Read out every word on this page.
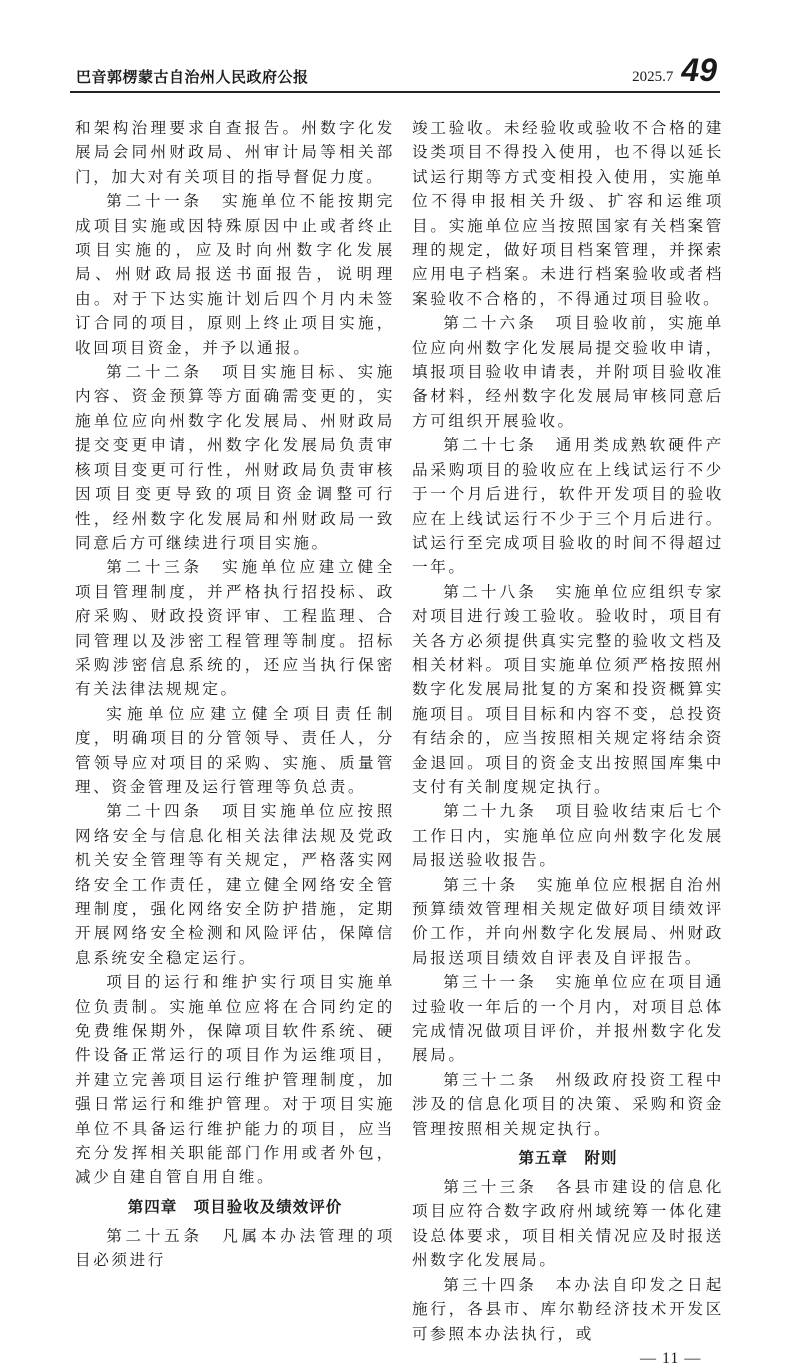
巴音郭楞蒙古自治州人民政府公报	2025.7 49

和架构治理要求自查报告。州数字化发展局会同州财政局、州审计局等相关部门，加大对有关项目的指导督促力度。

第二十一条　实施单位不能按期完成项目实施或因特殊原因中止或者终止项目实施的，应及时向州数字化发展局、州财政局报送书面报告，说明理由。对于下达实施计划后四个月内未签订合同的项目，原则上终止项目实施，收回项目资金，并予以通报。

第二十二条　项目实施目标、实施内容、资金预算等方面确需变更的，实施单位应向州数字化发展局、州财政局提交变更申请，州数字化发展局负责审核项目变更可行性，州财政局负责审核因项目变更导致的项目资金调整可行性，经州数字化发展局和州财政局一致同意后方可继续进行项目实施。

第二十三条　实施单位应建立健全项目管理制度，并严格执行招投标、政府采购、财政投资评审、工程监理、合同管理以及涉密工程管理等制度。招标采购涉密信息系统的，还应当执行保密有关法律法规规定。

实施单位应建立健全项目责任制度，明确项目的分管领导、责任人，分管领导应对项目的采购、实施、质量管理、资金管理及运行管理等负总责。

第二十四条　项目实施单位应按照网络安全与信息化相关法律法规及党政机关安全管理等有关规定，严格落实网络安全工作责任，建立健全网络安全管理制度，强化网络安全防护措施，定期开展网络安全检测和风险评估，保障信息系统安全稳定运行。

项目的运行和维护实行项目实施单位负责制。实施单位应将在合同约定的免费维保期外，保障项目软件系统、硬件设备正常运行的项目作为运维项目，并建立完善项目运行维护管理制度，加强日常运行和维护管理。对于项目实施单位不具备运行维护能力的项目，应当充分发挥相关职能部门作用或者外包，减少自建自管自用自维。

第四章　项目验收及绩效评价

第二十五条　凡属本办法管理的项目必须进行

竣工验收。未经验收或验收不合格的建设类项目不得投入使用，也不得以延长试运行期等方式变相投入使用，实施单位不得申报相关升级、扩容和运维项目。实施单位应当按照国家有关档案管理的规定，做好项目档案管理，并探索应用电子档案。未进行档案验收或者档案验收不合格的，不得通过项目验收。

第二十六条　项目验收前，实施单位应向州数字化发展局提交验收申请，填报项目验收申请表，并附项目验收准备材料，经州数字化发展局审核同意后方可组织开展验收。

第二十七条　通用类成熟软硬件产品采购项目的验收应在上线试运行不少于一个月后进行，软件开发项目的验收应在上线试运行不少于三个月后进行。试运行至完成项目验收的时间不得超过一年。

第二十八条　实施单位应组织专家对项目进行竣工验收。验收时，项目有关各方必须提供真实完整的验收文档及相关材料。项目实施单位须严格按照州数字化发展局批复的方案和投资概算实施项目。项目目标和内容不变，总投资有结余的，应当按照相关规定将结余资金退回。项目的资金支出按照国库集中支付有关制度规定执行。

第二十九条　项目验收结束后七个工作日内，实施单位应向州数字化发展局报送验收报告。

第三十条　实施单位应根据自治州预算绩效管理相关规定做好项目绩效评价工作，并向州数字化发展局、州财政局报送项目绩效自评表及自评报告。

第三十一条　实施单位应在项目通过验收一年后的一个月内，对项目总体完成情况做项目评价，并报州数字化发展局。

第三十二条　州级政府投资工程中涉及的信息化项目的决策、采购和资金管理按照相关规定执行。

第五章　附则

第三十三条　各县市建设的信息化项目应符合数字政府州域统筹一体化建设总体要求，项目相关情况应及时报送州数字化发展局。

第三十四条　本办法自印发之日起施行，各县市、库尔勒经济技术开发区可参照本办法执行，或

— 11 —
